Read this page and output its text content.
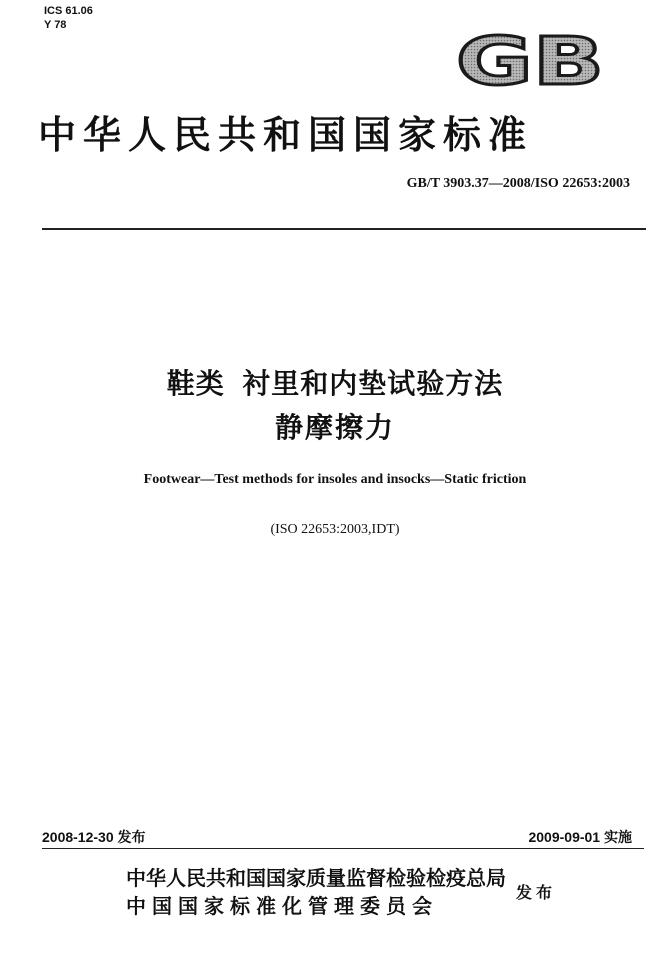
ICS 61.06
Y 78	GB
中华人民共和国国家标准
GB/T 3903.37—2008/ISO 22653:2003
鞋类  衬里和内垫试验方法
静摩擦力
Footwear—Test methods for insoles and insocks—Static friction
(ISO 22653:2003,IDT)
2008-12-30 发布	2009-09-01 实施
中华人民共和国国家质量监督检验检疫总局
中国国家标准化管理委员会
发布
